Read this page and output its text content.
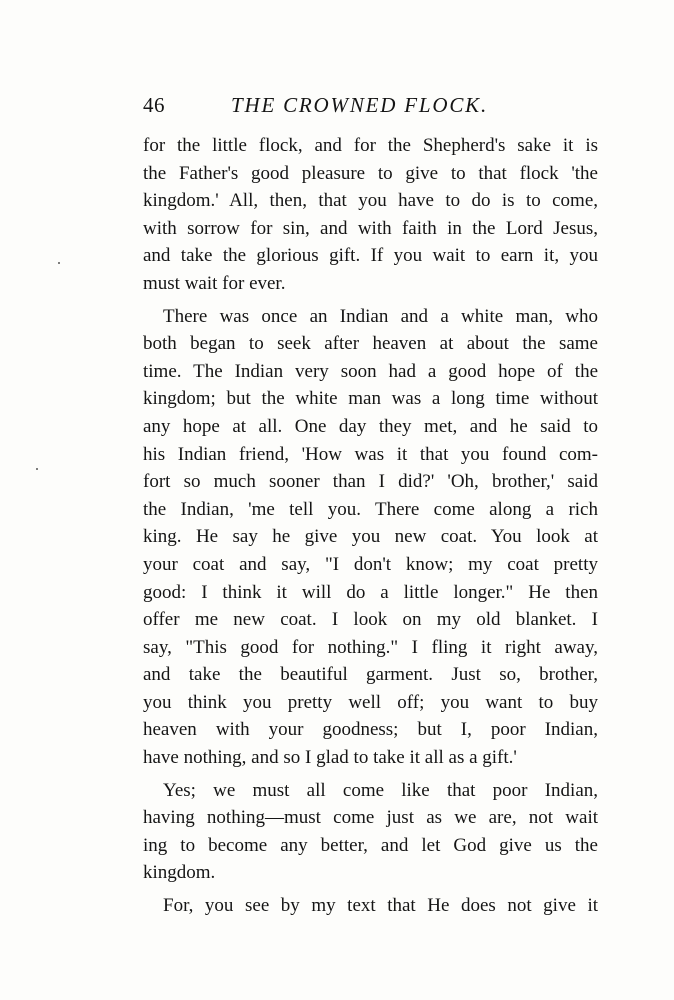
46	THE CROWNED FLOCK.
for the little flock, and for the Shepherd's sake it is
the Father's good pleasure to give to that flock 'the
kingdom.' All, then, that you have to do is to come,
with sorrow for sin, and with faith in the Lord Jesus,
and take the glorious gift. If you wait to earn it, you
must wait for ever.
There was once an Indian and a white man, who
both began to seek after heaven at about the same
time. The Indian very soon had a good hope of the
kingdom; but the white man was a long time without
any hope at all. One day they met, and he said to
his Indian friend, 'How was it that you found com-
fort so much sooner than I did?' 'Oh, brother,' said
the Indian, 'me tell you. There come along a rich
king. He say he give you new coat. You look at
your coat and say, "I don't know; my coat pretty
good: I think it will do a little longer." He then
offer me new coat. I look on my old blanket. I
say, "This good for nothing." I fling it right away,
and take the beautiful garment. Just so, brother,
you think you pretty well off; you want to buy
heaven with your goodness; but I, poor Indian,
have nothing, and so I glad to take it all as a gift.'
Yes; we must all come like that poor Indian,
having nothing—must come just as we are, not wait
ing to become any better, and let God give us the
kingdom.
For, you see by my text that He does not give it
